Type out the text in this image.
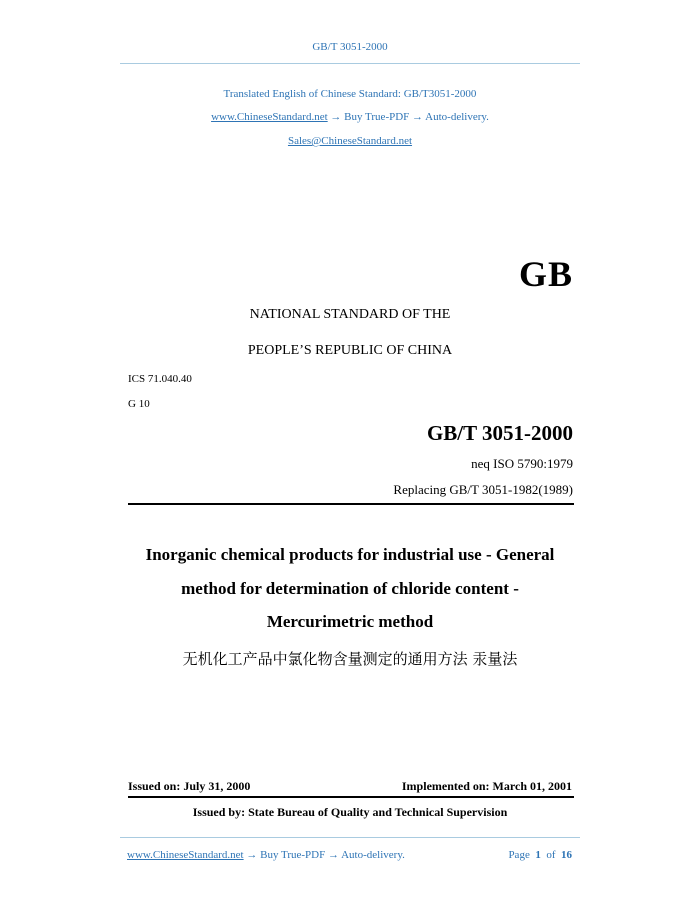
GB/T 3051-2000
Translated English of Chinese Standard: GB/T3051-2000
www.ChineseStandard.net → Buy True-PDF → Auto-delivery.
Sales@ChineseStandard.net
GB
NATIONAL STANDARD OF THE
PEOPLE’S REPUBLIC OF CHINA
ICS 71.040.40
G 10
GB/T 3051-2000
neq ISO 5790:1979
Replacing GB/T 3051-1982(1989)
Inorganic chemical products for industrial use - General
method for determination of chloride content -
Mercurimetric method
无机化工产品中氯化物含量测定的通用方法 汞量法
Issued on: July 31, 2000	Implemented on: March 01, 2001
Issued by: State Bureau of Quality and Technical Supervision
www.ChineseStandard.net → Buy True-PDF → Auto-delivery.	Page 1 of 16
